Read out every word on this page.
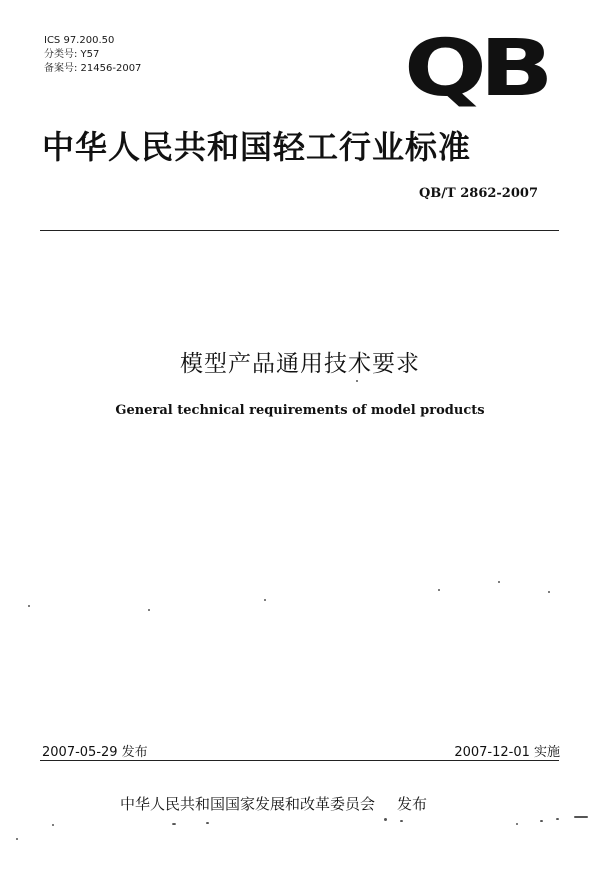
ICS 97.200.50
分类号: Y57
备案号: 21456-2007	QB
中华人民共和国轻工行业标准
QB/T 2862-2007
模型产品通用技术要求
General technical requirements of model products
2007-05-29 发布	2007-12-01 实施
中华人民共和国国家发展和改革委员会 发布
